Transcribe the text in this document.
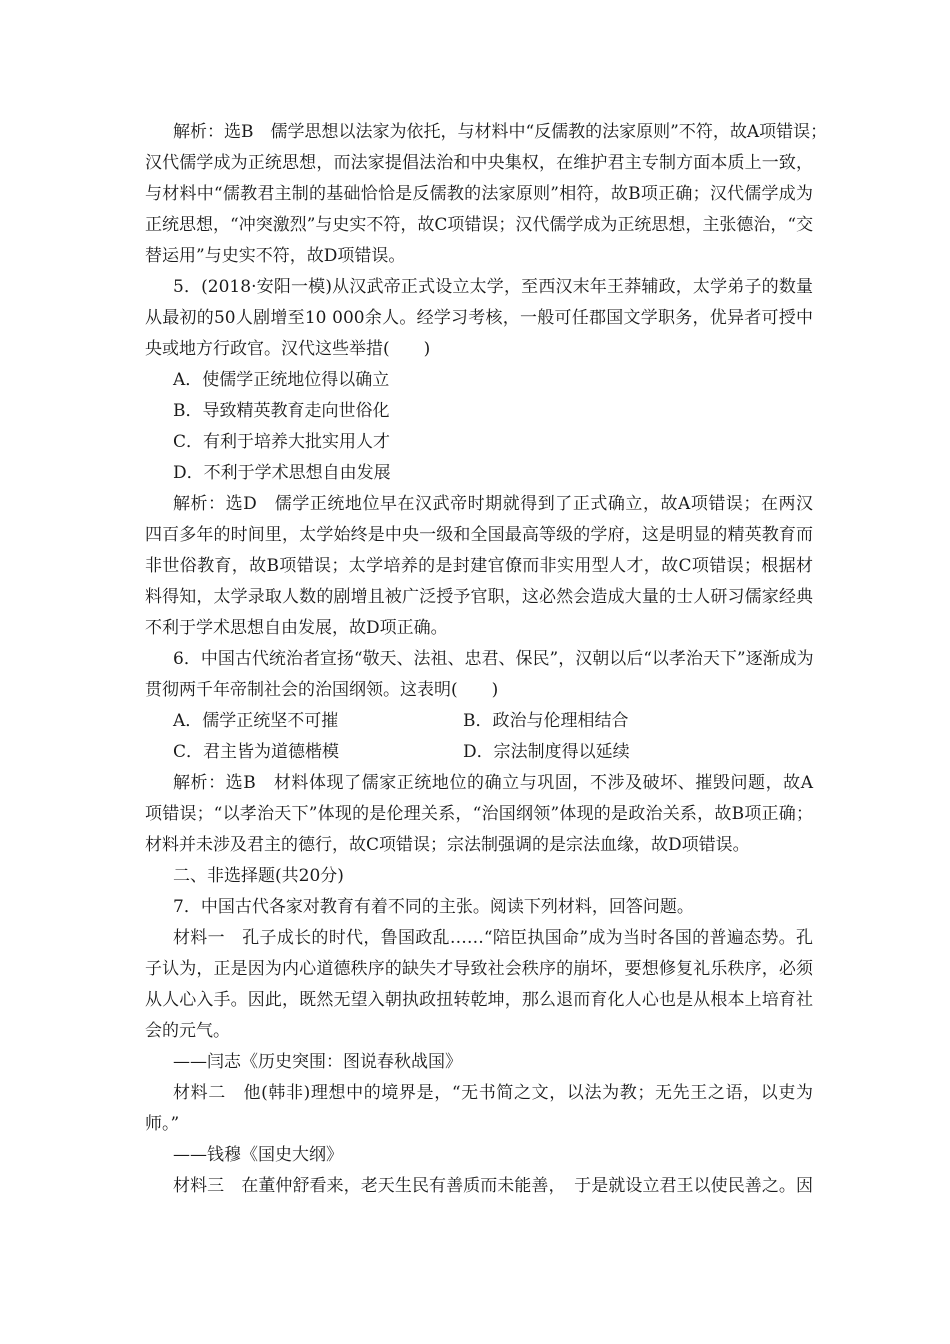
解析：选B　儒学思想以法家为依托，与材料中“反儒教的法家原则”不符，故A项错误；
汉代儒学成为正统思想，而法家提倡法治和中央集权，在维护君主专制方面本质上一致，
与材料中“儒教君主制的基础恰恰是反儒教的法家原则”相符，故B项正确；汉代儒学成为
正统思想，“冲突激烈”与史实不符，故C项错误；汉代儒学成为正统思想，主张德治，“交
替运用”与史实不符，故D项错误。
5．(2018·安阳一模)从汉武帝正式设立太学，至西汉末年王莽辅政，太学弟子的数量
从最初的50人剧增至10 000余人。经学习考核，一般可任郡国文学职务，优异者可授中
央或地方行政官。汉代这些举措(　　)
A．使儒学正统地位得以确立
B．导致精英教育走向世俗化
C．有利于培养大批实用人才
D．不利于学术思想自由发展
解析：选D　儒学正统地位早在汉武帝时期就得到了正式确立，故A项错误；在两汉
四百多年的时间里，太学始终是中央一级和全国最高等级的学府，这是明显的精英教育而
非世俗教育，故B项错误；太学培养的是封建官僚而非实用型人才，故C项错误；根据材
料得知，太学录取人数的剧增且被广泛授予官职，这必然会造成大量的士人研习儒家经典
不利于学术思想自由发展，故D项正确。
6．中国古代统治者宣扬“敬天、法祖、忠君、保民”，汉朝以后“以孝治天下”逐渐成为
贯彻两千年帝制社会的治国纲领。这表明(　　)
A．儒学正统坚不可摧	B．政治与伦理相结合
C．君主皆为道德楷模	D．宗法制度得以延续
解析：选B　材料体现了儒家正统地位的确立与巩固，不涉及破坏、摧毁问题，故A
项错误；“以孝治天下”体现的是伦理关系，“治国纲领”体现的是政治关系，故B项正确；
材料并未涉及君主的德行，故C项错误；宗法制强调的是宗法血缘，故D项错误。
二、非选择题(共20分)
7．中国古代各家对教育有着不同的主张。阅读下列材料，回答问题。
材料一　孔子成长的时代，鲁国政乱……“陪臣执国命”成为当时各国的普遍态势。孔
子认为，正是因为内心道德秩序的缺失才导致社会秩序的崩坏，要想修复礼乐秩序，必须
从人心入手。因此，既然无望入朝执政扭转乾坤，那么退而育化人心也是从根本上培育社
会的元气。
——闫志《历史突围：图说春秋战国》
材料二　他(韩非)理想中的境界是，“无书简之文，以法为教；无先王之语，以吏为
师。”
——钱穆《国史大纲》
材料三　在董仲舒看来，老天生民有善质而未能善，　于是就设立君王以使民善之。因
